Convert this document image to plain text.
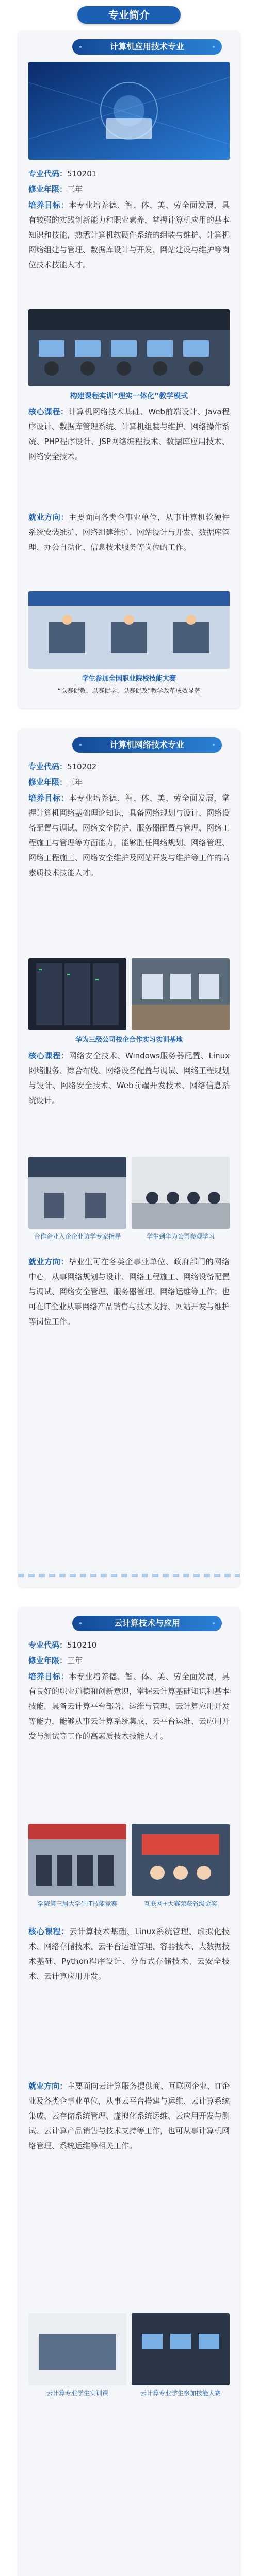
专业简介
计算机应用技术专业
专业代码：510201
修业年限：三年
培养目标：本专业培养德、智、体、美、劳全面发展，具有较强的实践创新能力和职业素养，掌握计算机应用的基本知识和技能，熟悉计算机软硬件系统的组装与维护、计算机网络组建与管理、数据库设计与开发、网站建设与维护等岗位技术技能人才。
构建课程实训“理实一体化”教学模式
核心课程：计算机网络技术基础、Web前端设计、Java程序设计、数据库管理系统、计算机组装与维护、网络操作系统、PHP程序设计、JSP网络编程技术、数据库应用技术、网络安全技术。
就业方向：主要面向各类企事业单位，从事计算机软硬件系统安装维护、网络组建维护、网站设计与开发、数据库管理、办公自动化、信息技术服务等岗位的工作。
学生参加全国职业院校技能大赛
“以赛促教、以赛促学、以赛促改”教学改革成效显著
计算机网络技术专业
专业代码：510202
修业年限：三年
培养目标：本专业培养德、智、体、美、劳全面发展，掌握计算机网络基础理论知识，具备网络规划与设计、网络设备配置与调试、网络安全防护、服务器配置与管理、网络工程施工与管理等方面能力，能够胜任网络规划、网络管理、网络工程施工、网络安全维护及网站开发与维护等工作的高素质技术技能人才。
华为三级公司校企合作实习实训基地
核心课程：网络安全技术、Windows服务器配置、Linux网络服务、综合布线、网络设备配置与调试、网络工程规划与设计、网络安全技术、Web前端开发技术、网络信息系统设计。
合作企业入企企业访学专家指导	学生到华为公司参观学习
就业方向：毕业生可在各类企事业单位、政府部门的网络中心，从事网络规划与设计、网络工程施工、网络设备配置与调试、网络安全管理、服务器管理、网络运维等工作；也可在IT企业从事网络产品销售与技术支持、网站开发与维护等岗位工作。
云计算技术与应用
专业代码：510210
修业年限：三年
培养目标：本专业培养德、智、体、美、劳全面发展，具有良好的职业道德和创新意识，掌握云计算基础知识和基本技能，具备云计算平台部署、运维与管理、云计算应用开发等能力，能够从事云计算系统集成、云平台运维、云应用开发与测试等工作的高素质技术技能人才。
学院第三届大学生IT技能竞赛	互联网+大赛荣获省级金奖
核心课程：云计算技术基础、Linux系统管理、虚拟化技术、网络存储技术、云平台运维管理、容器技术、大数据技术基础、Python程序设计、分布式存储技术、云安全技术、云计算应用开发。
就业方向：主要面向云计算服务提供商、互联网企业、IT企业及各类企事业单位，从事云平台搭建与运维、云计算系统集成、云存储系统管理、虚拟化系统运维、云应用开发与测试、云计算产品销售与技术支持等工作，也可从事计算机网络管理、系统运维等相关工作。
云计算专业学生实训课	云计算专业学生参加技能大赛
